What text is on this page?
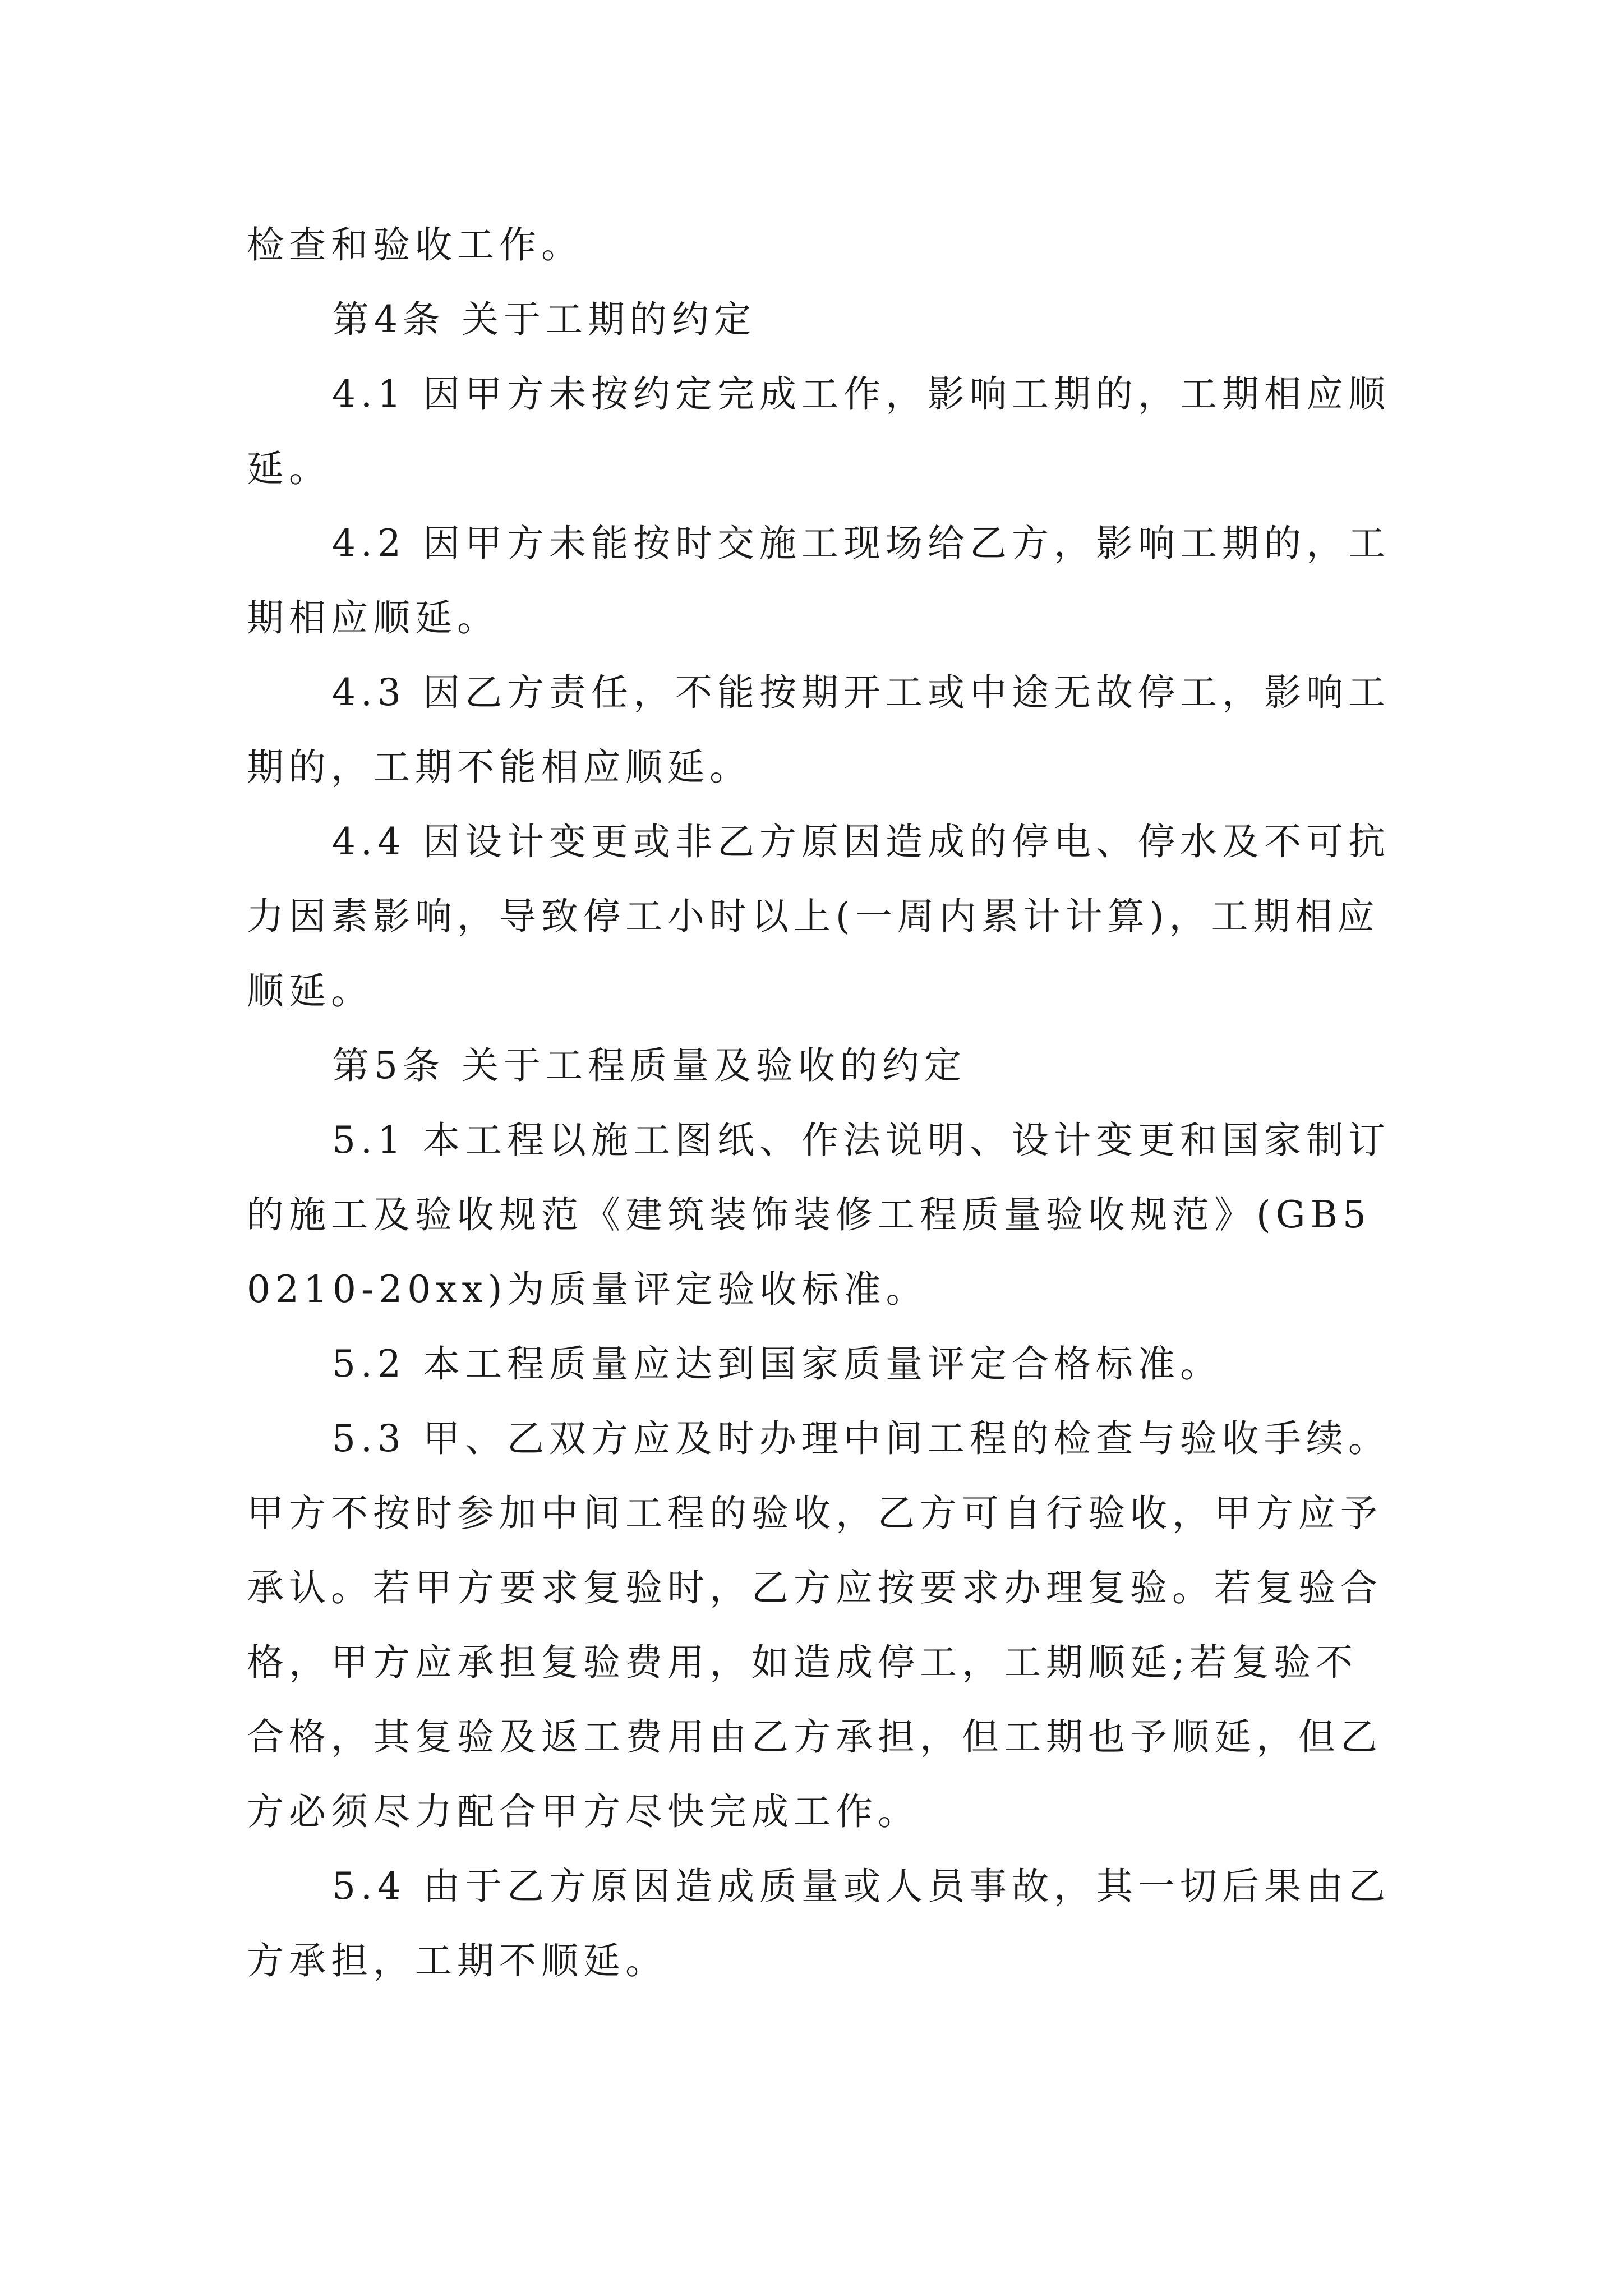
检查和验收工作。

第4条 关于工期的约定

4.1 因甲方未按约定完成工作，影响工期的，工期相应顺延。

4.2 因甲方未能按时交施工现场给乙方，影响工期的，工期相应顺延。

4.3 因乙方责任，不能按期开工或中途无故停工，影响工期的，工期不能相应顺延。

4.4 因设计变更或非乙方原因造成的停电、停水及不可抗力因素影响，导致停工小时以上(一周内累计计算)，工期相应顺延。

第5条 关于工程质量及验收的约定

5.1 本工程以施工图纸、作法说明、设计变更和国家制订的施工及验收规范《建筑装饰装修工程质量验收规范》(GB50210-20xx)为质量评定验收标准。

5.2 本工程质量应达到国家质量评定合格标准。

5.3 甲、乙双方应及时办理中间工程的检查与验收手续。甲方不按时参加中间工程的验收，乙方可自行验收，甲方应予承认。若甲方要求复验时，乙方应按要求办理复验。若复验合格，甲方应承担复验费用，如造成停工，工期顺延;若复验不合格，其复验及返工费用由乙方承担，但工期也予顺延，但乙方必须尽力配合甲方尽快完成工作。

5.4 由于乙方原因造成质量或人员事故，其一切后果由乙方承担，工期不顺延。
